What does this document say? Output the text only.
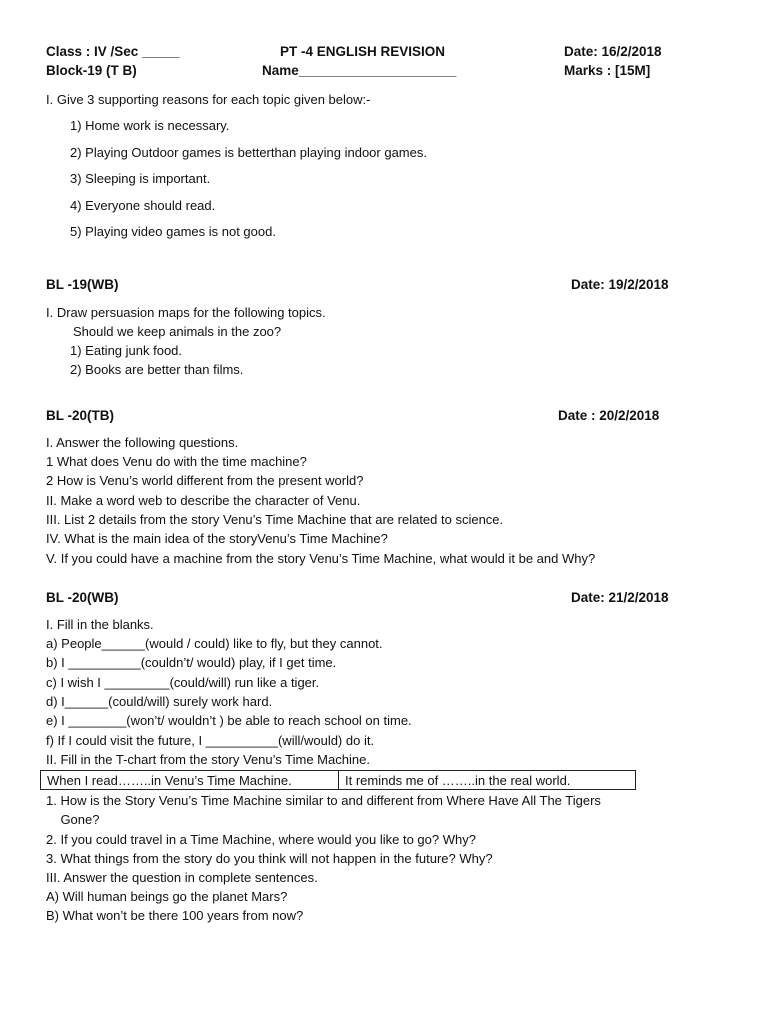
Class : IV /Sec _____	PT -4 ENGLISH REVISION	Date: 16/2/2018
Block-19 (T B)	Name_____________________	Marks : [15M]
I. Give 3 supporting reasons for each topic given below:-
1) Home work is necessary.
2) Playing Outdoor games is betterthan playing indoor games.
3) Sleeping is important.
4) Everyone should read.
5) Playing video games is not good.
BL -19(WB)	Date: 19/2/2018
I. Draw persuasion maps for the following topics.
Should we keep animals in the zoo?
1) Eating junk food.
2) Books are better than films.
BL -20(TB)	Date : 20/2/2018
I. Answer the following questions.
1 What does Venu do with the time machine?
2 How is Venu’s world different from the present world?
II. Make a word web to describe the character of Venu.
III. List 2 details from the story Venu’s Time Machine that are related to science.
IV. What is the main idea of the storyVenu’s Time Machine?
V. If you could have a machine from the story Venu’s Time Machine, what would it be and Why?
BL -20(WB)	Date: 21/2/2018
I. Fill in the blanks.
a) People______(would / could) like to fly, but they cannot.
b) I __________(couldn’t/ would) play, if I get time.
c) I wish I _________(could/will) run like a tiger.
d) I______(could/will) surely work hard.
e) I ________(won’t/ wouldn’t ) be able to reach school on time.
f) If I could visit the future, I __________(will/would) do it.
II. Fill in the T-chart from the story Venu’s Time Machine.
When I read……..in Venu’s Time Machine.	It reminds me of ……..in the real world.
1. How is the Story Venu’s Time Machine similar to and different from Where Have All The Tigers
Gone?
2. If you could travel in a Time Machine, where would you like to go? Why?
3. What things from the story do you think will not happen in the future? Why?
III. Answer the question in complete sentences.
A) Will human beings go the planet Mars?
B) What won’t be there 100 years from now?
